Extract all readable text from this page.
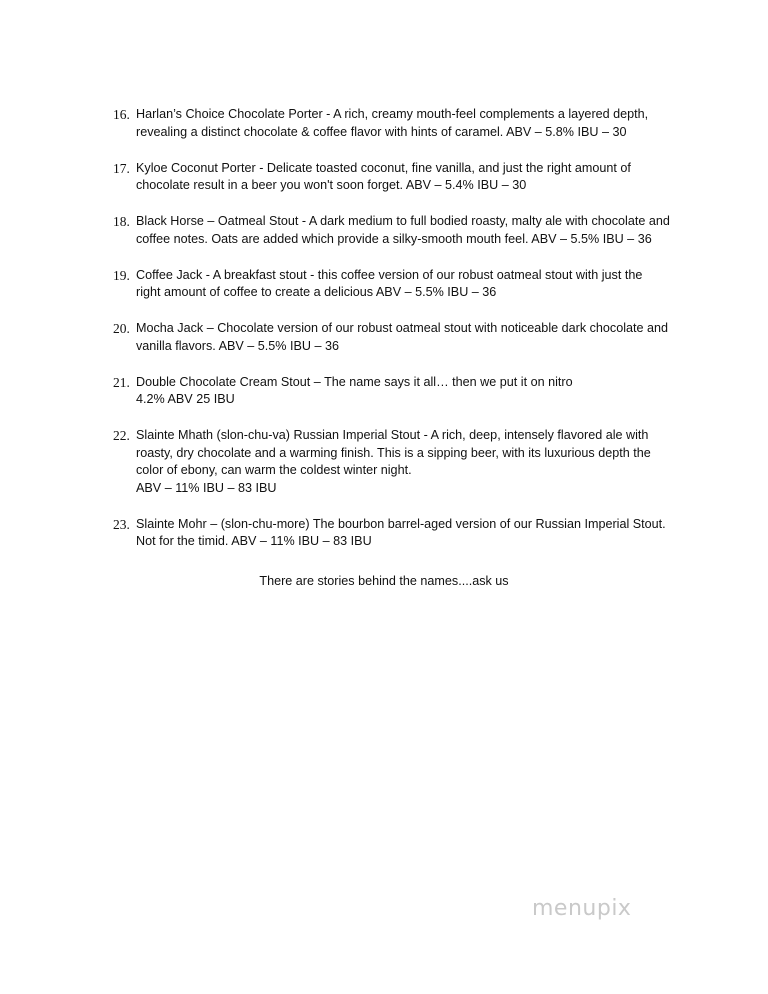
16. Harlan’s Choice Chocolate Porter - A rich, creamy mouth-feel complements a layered depth,
revealing a distinct chocolate & coffee flavor with hints of caramel. ABV – 5.8% IBU – 30
17. Kyloe Coconut Porter - Delicate toasted coconut, fine vanilla, and just the right amount of
chocolate result in a beer you won't soon forget. ABV – 5.4% IBU – 30
18. Black Horse – Oatmeal Stout - A dark medium to full bodied roasty, malty ale with chocolate and
coffee notes. Oats are added which provide a silky-smooth mouth feel. ABV – 5.5% IBU – 36
19. Coffee Jack - A breakfast stout - this coffee version of our robust oatmeal stout with just the
right amount of coffee to create a delicious ABV – 5.5% IBU – 36
20. Mocha Jack – Chocolate version of our robust oatmeal stout with noticeable dark chocolate and
vanilla flavors. ABV – 5.5% IBU – 36
21. Double Chocolate Cream Stout – The name says it all… then we put it on nitro
4.2% ABV 25 IBU
22. Slainte Mhath (slon-chu-va) Russian Imperial Stout - A rich, deep, intensely flavored ale with
roasty, dry chocolate and a warming finish. This is a sipping beer, with its luxurious depth the
color of ebony, can warm the coldest winter night.
ABV – 11% IBU – 83 IBU
23. Slainte Mohr – (slon-chu-more) The bourbon barrel-aged version of our Russian Imperial Stout.
Not for the timid. ABV – 11% IBU – 83 IBU
There are stories behind the names....ask us
menupix
